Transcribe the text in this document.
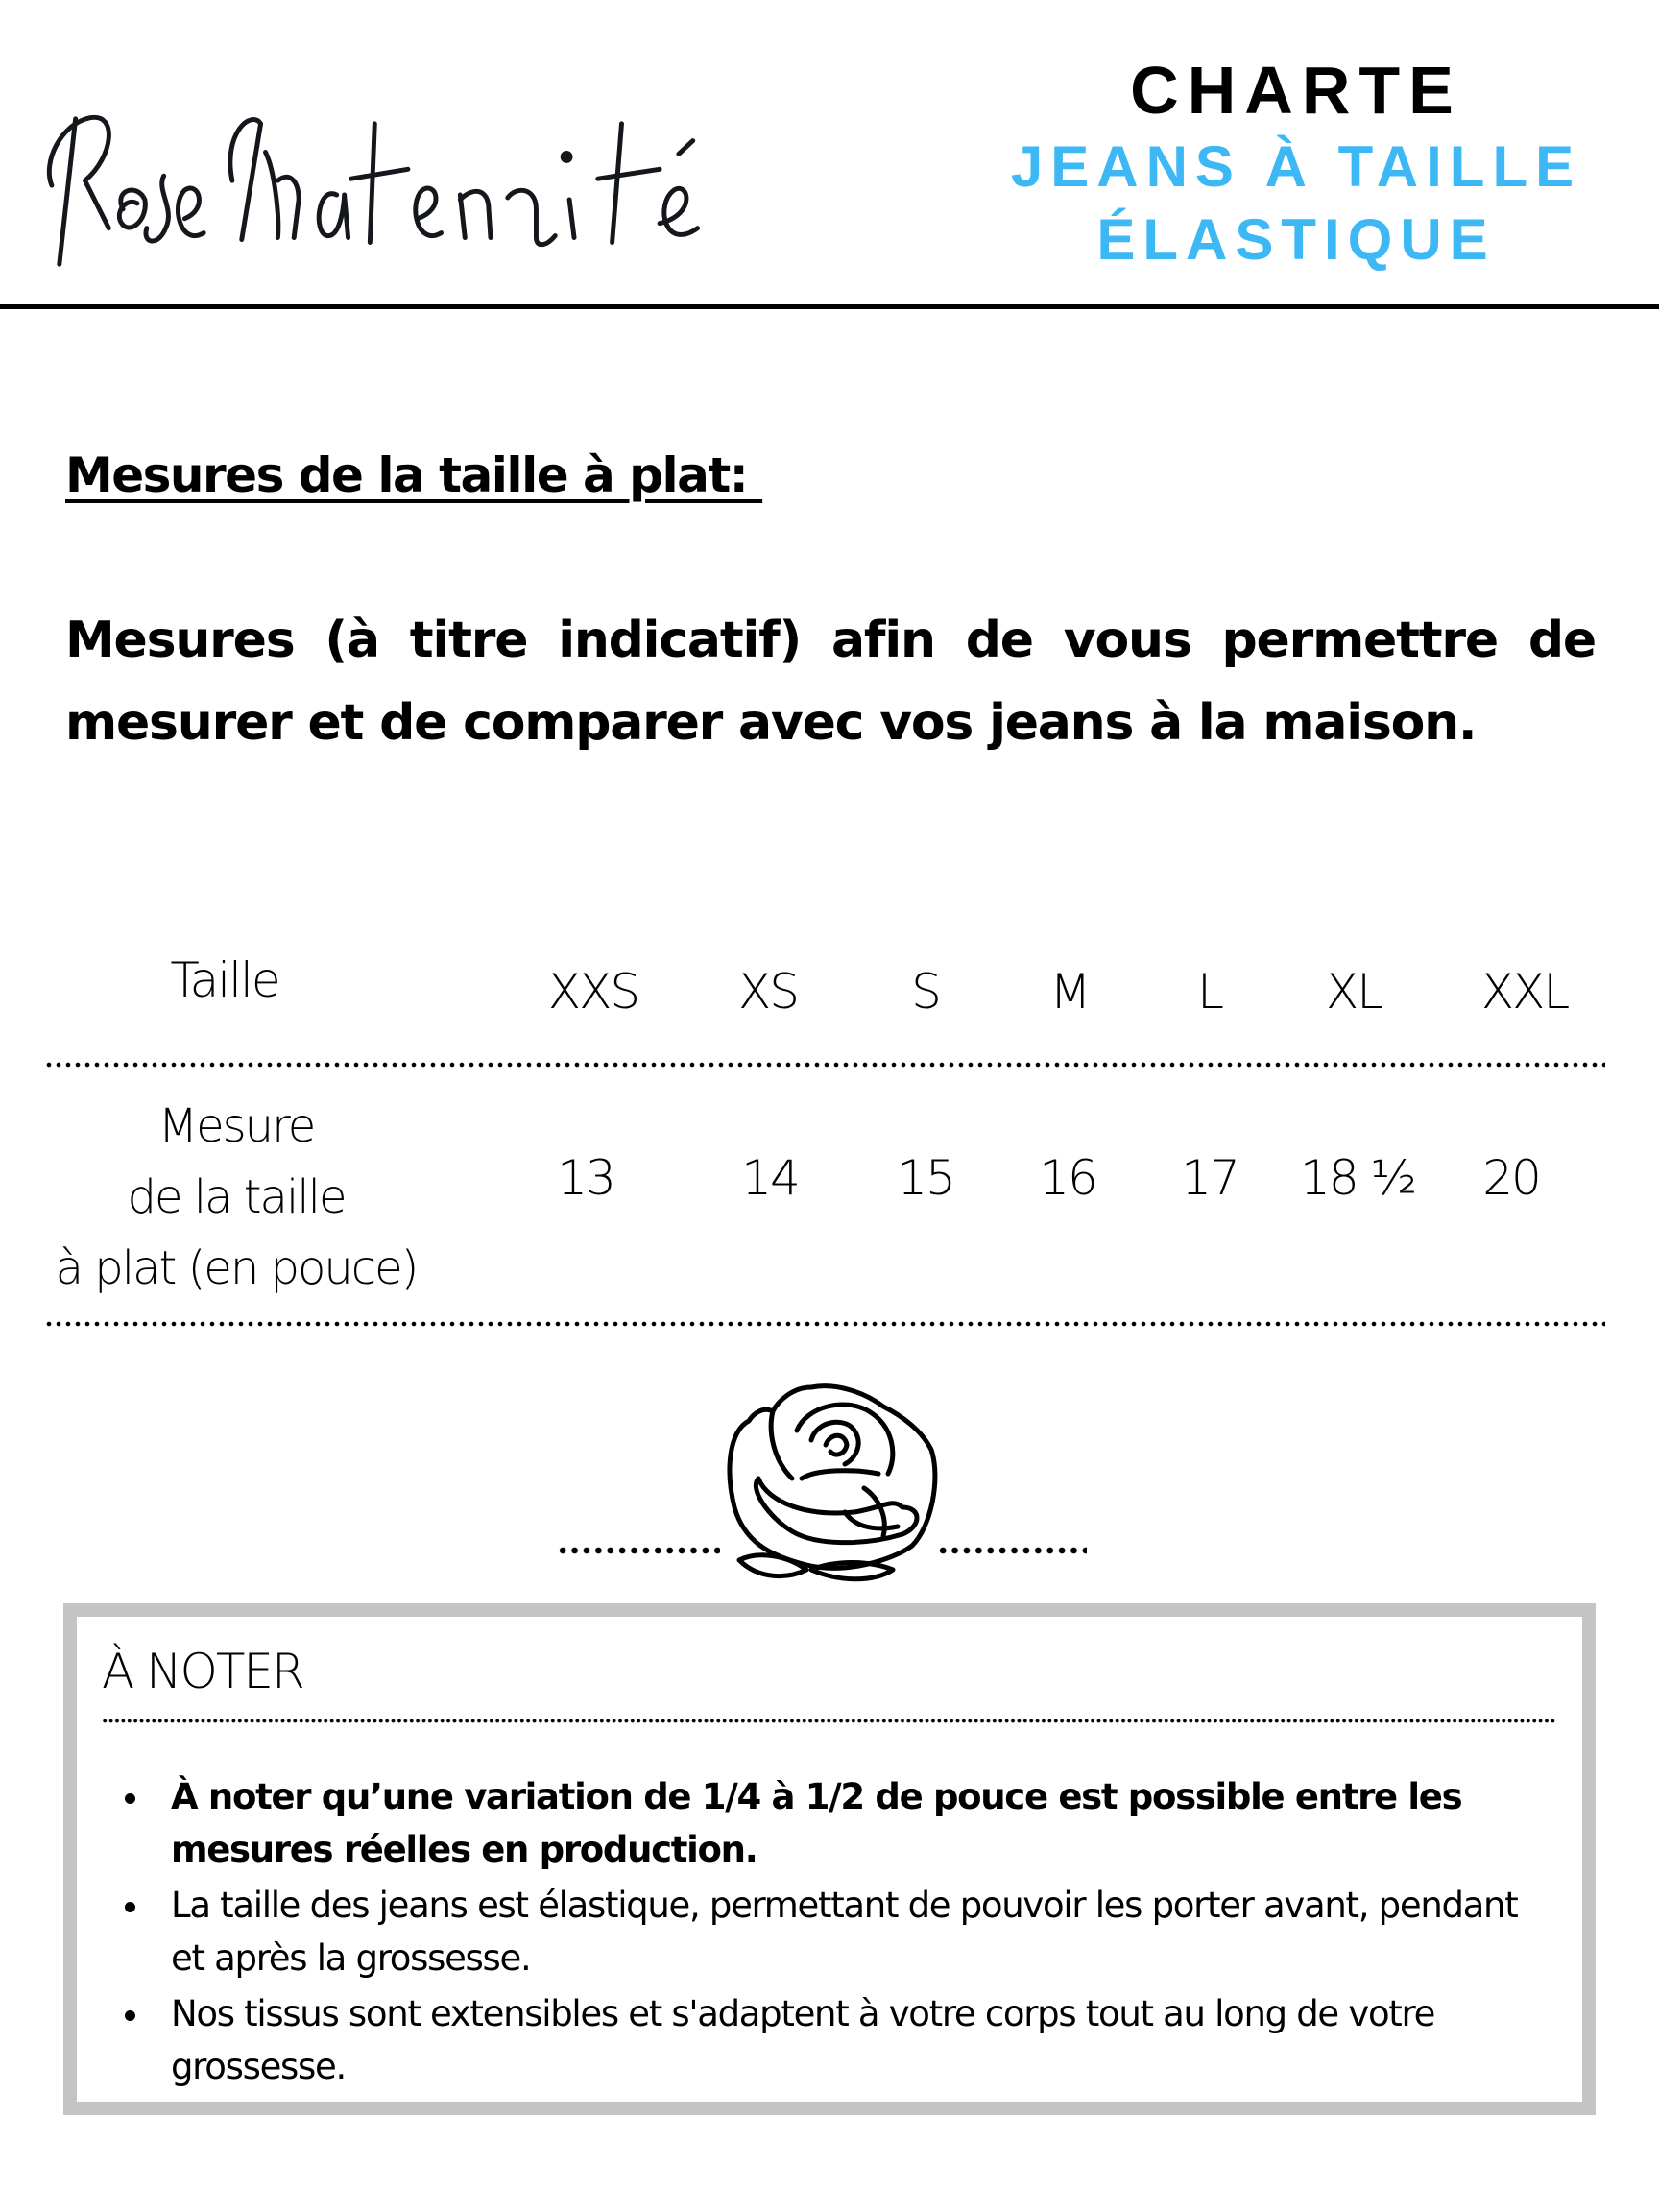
CHARTE
JEANS À TAILLE
ÉLASTIQUE
Mesures de la taille à plat:
Mesures (à titre indicatif) afin de vous permettre de mesurer et de comparer avec vos jeans à la maison.
Taille	XXS XS S M L XL XXL
Mesure
de la taille
à plat (en pouce)
13	14 15 16 17 18 ½ 20
À NOTER
À noter qu’une variation de 1/4 à 1/2 de pouce est possible entre les mesures réelles en production.
La taille des jeans est élastique, permettant de pouvoir les porter avant, pendant et après la grossesse.
Nos tissus sont extensibles et s'adaptent à votre corps tout au long de votre grossesse.
